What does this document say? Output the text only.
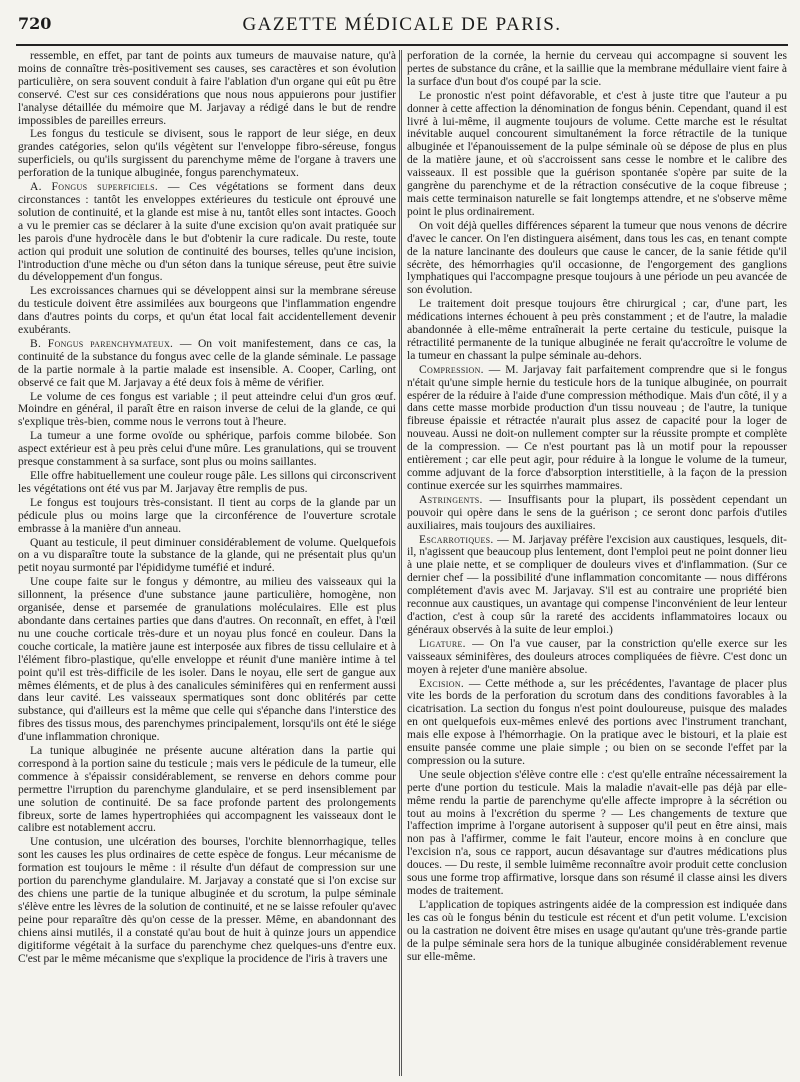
720	GAZETTE MÉDICALE DE PARIS.

ressemble, en effet, par tant de points aux tumeurs de mauvaise nature, qu'à moins de connaître très-positivement ses causes, ses caractères et son évolution particulière, on sera souvent conduit à faire l'ablation d'un organe qui eût pu être conservé. C'est sur ces considérations que nous nous appuierons pour justifier l'analyse détaillée du mémoire que M. Jarjavay a rédigé dans le but de rendre impossibles de pareilles erreurs.

Les fongus du testicule se divisent, sous le rapport de leur siége, en deux grandes catégories, selon qu'ils végètent sur l'enveloppe fibro-séreuse, fongus superficiels, ou qu'ils surgissent du parenchyme même de l'organe à travers une perforation de la tunique albuginée, fongus parenchymateux.

A. Fongus superficiels. — Ces végétations se forment dans deux circonstances : tantôt les enveloppes extérieures du testicule ont éprouvé une solution de continuité, et la glande est mise à nu, tantôt elles sont intactes. Gooch a vu le premier cas se déclarer à la suite d'une excision qu'on avait pratiquée sur les parois d'une hydrocèle dans le but d'obtenir la cure radicale. Du reste, toute action qui produit une solution de continuité des bourses, telles qu'une incision, l'introduction d'une mèche ou d'un séton dans la tunique séreuse, peut être suivie du développement d'un fongus.

Les excroissances charnues qui se développent ainsi sur la membrane séreuse du testicule doivent être assimilées aux bourgeons que l'inflammation engendre dans d'autres points du corps, et qu'un état local fait accidentellement devenir exubérants.

B. Fongus parenchymateux. — On voit manifestement, dans ce cas, la continuité de la substance du fongus avec celle de la glande séminale. Le passage de la partie normale à la partie malade est insensible. A. Cooper, Carling, ont observé ce fait que M. Jarjavay a été deux fois à même de vérifier.

Le volume de ces fongus est variable ; il peut atteindre celui d'un gros œuf. Moindre en général, il paraît être en raison inverse de celui de la glande, ce qui s'explique très-bien, comme nous le verrons tout à l'heure.

La tumeur a une forme ovoïde ou sphérique, parfois comme bilobée. Son aspect extérieur est à peu près celui d'une mûre. Les granulations, qui se trouvent presque constamment à sa surface, sont plus ou moins saillantes.

Elle offre habituellement une couleur rouge pâle. Les sillons qui circonscrivent les végétations ont été vus par M. Jarjavay être remplis de pus.

Le fongus est toujours très-consistant. Il tient au corps de la glande par un pédicule plus ou moins large que la circonférence de l'ouverture scrotale embrasse à la manière d'un anneau.

Quant au testicule, il peut diminuer considérablement de volume. Quelquefois on a vu disparaître toute la substance de la glande, qui ne présentait plus qu'un petit noyau surmonté par l'épididyme tuméfié et induré.

Une coupe faite sur le fongus y démontre, au milieu des vaisseaux qui la sillonnent, la présence d'une substance jaune particulière, homogène, non organisée, dense et parsemée de granulations moléculaires. Elle est plus abondante dans certaines parties que dans d'autres. On reconnaît, en effet, à l'œil nu une couche corticale très-dure et un noyau plus foncé en couleur. Dans la couche corticale, la matière jaune est interposée aux fibres de tissu cellulaire et à l'élément fibro-plastique, qu'elle enveloppe et réunit d'une manière intime à tel point qu'il est très-difficile de les isoler. Dans le noyau, elle sert de gangue aux mêmes éléments, et de plus à des canalicules séminifères qui en renferment aussi dans leur cavité. Les vaisseaux spermatiques sont donc oblitérés par cette substance, qui d'ailleurs est la même que celle qui s'épanche dans l'interstice des fibres des tissus mous, des parenchymes principalement, lorsqu'ils ont été le siége d'une inflammation chronique.

La tunique albuginée ne présente aucune altération dans la partie qui correspond à la portion saine du testicule ; mais vers le pédicule de la tumeur, elle commence à s'épaissir considérablement, se renverse en dehors comme pour permettre l'irruption du parenchyme glandulaire, et se perd insensiblement par une solution de continuité. De sa face profonde partent des prolongements fibreux, sorte de lames hypertrophiées qui accompagnent les vaisseaux dont le calibre est notablement accru.

Une contusion, une ulcération des bourses, l'orchite blennorrhagique, telles sont les causes les plus ordinaires de cette espèce de fongus. Leur mécanisme de formation est toujours le même : il résulte d'un défaut de compression sur une portion du parenchyme glandulaire. M. Jarjavay a constaté que si l'on excise sur des chiens une partie de la tunique albuginée et du scrotum, la pulpe séminale s'élève entre les lèvres de la solution de continuité, et ne se laisse refouler qu'avec peine pour reparaître dès qu'on cesse de la presser. Même, en abandonnant des chiens ainsi mutilés, il a constaté qu'au bout de huit à quinze jours un appendice digitiforme végétait à la surface du parenchyme chez quelques-uns d'entre eux. C'est par le même mécanisme que s'explique la procidence de l'iris à travers une

perforation de la cornée, la hernie du cerveau qui accompagne si souvent les pertes de substance du crâne, et la saillie que la membrane médullaire vient faire à la surface d'un bout d'os coupé par la scie.

Le pronostic n'est point défavorable, et c'est à juste titre que l'auteur a pu donner à cette affection la dénomination de fongus bénin. Cependant, quand il est livré à lui-même, il augmente toujours de volume. Cette marche est le résultat inévitable auquel concourent simultanément la force rétractile de la tunique albuginée et l'épanouissement de la pulpe séminale où se dépose de plus en plus de la matière jaune, et où s'accroissent sans cesse le nombre et le calibre des vaisseaux. Il est possible que la guérison spontanée s'opère par suite de la gangrène du parenchyme et de la rétraction consécutive de la coque fibreuse ; mais cette terminaison naturelle se fait longtemps attendre, et ne s'observe même point le plus ordinairement.

On voit déjà quelles différences séparent la tumeur que nous venons de décrire d'avec le cancer. On l'en distinguera aisément, dans tous les cas, en tenant compte de la nature lancinante des douleurs que cause le cancer, de la sanie fétide qu'il sécrète, des hémorrhagies qu'il occasionne, de l'engorgement des ganglions lymphatiques qui l'accompagne presque toujours à une période un peu avancée de son évolution.

Le traitement doit presque toujours être chirurgical ; car, d'une part, les médications internes échouent à peu près constamment ; et de l'autre, la maladie abandonnée à elle-même entraînerait la perte certaine du testicule, puisque la rétractilité permanente de la tunique albuginée ne ferait qu'accroître le volume de la tumeur en chassant la pulpe séminale au-dehors.

Compression. — M. Jarjavay fait parfaitement comprendre que si le fongus n'était qu'une simple hernie du testicule hors de la tunique albuginée, on pourrait espérer de la réduire à l'aide d'une compression méthodique. Mais d'un côté, il y a dans cette masse morbide production d'un tissu nouveau ; de l'autre, la tunique fibreuse épaissie et rétractée n'aurait plus assez de capacité pour la loger de nouveau. Aussi ne doit-on nullement compter sur la réussite prompte et complète de la compression. — Ce n'est pourtant pas là un motif pour la repousser entièrement ; car elle peut agir, pour réduire à la longue le volume de la tumeur, comme adjuvant de la force d'absorption interstitielle, à la façon de la pression continue exercée sur les squirrhes mammaires.

Astringents. — Insuffisants pour la plupart, ils possèdent cependant un pouvoir qui opère dans le sens de la guérison ; ce seront donc parfois d'utiles auxiliaires, mais toujours des auxiliaires.

Escarrotiques. — M. Jarjavay préfère l'excision aux caustiques, lesquels, dit-il, n'agissent que beaucoup plus lentement, dont l'emploi peut ne point donner lieu à une plaie nette, et se compliquer de douleurs vives et d'inflammation. (Sur ce dernier chef — la possibilité d'une inflammation concomitante — nous différons complétement d'avis avec M. Jarjavay. S'il est au contraire une propriété bien reconnue aux caustiques, un avantage qui compense l'inconvénient de leur lenteur d'action, c'est à coup sûr la rareté des accidents inflammatoires locaux ou généraux observés à la suite de leur emploi.)

Ligature. — On l'a vue causer, par la constriction qu'elle exerce sur les vaisseaux séminifères, des douleurs atroces compliquées de fièvre. C'est donc un moyen à rejeter d'une manière absolue.

Excision. — Cette méthode a, sur les précédentes, l'avantage de placer plus vite les bords de la perforation du scrotum dans des conditions favorables à la cicatrisation. La section du fongus n'est point douloureuse, puisque des malades en ont quelquefois eux-mêmes enlevé des portions avec l'instrument tranchant, mais elle expose à l'hémorrhagie. On la pratique avec le bistouri, et la plaie est ensuite pansée comme une plaie simple ; ou bien on se seconde l'effet par la compression ou la suture.

Une seule objection s'élève contre elle : c'est qu'elle entraîne nécessairement la perte d'une portion du testicule. Mais la maladie n'avait-elle pas déjà par elle-même rendu la partie de parenchyme qu'elle affecte impropre à la sécrétion ou tout au moins à l'excrétion du sperme ? — Les changements de texture que l'affection imprime à l'organe autorisent à supposer qu'il peut en être ainsi, mais non pas à l'affirmer, comme le fait l'auteur, encore moins à en conclure que l'excision n'a, sous ce rapport, aucun désavantage sur d'autres médications plus douces. — Du reste, il semble luimême reconnaître avoir produit cette conclusion sous une forme trop affirmative, lorsque dans son résumé il classe ainsi les divers modes de traitement.

L'application de topiques astringents aidée de la compression est indiquée dans les cas où le fongus bénin du testicule est récent et d'un petit volume. L'excision ou la castration ne doivent être mises en usage qu'autant qu'une très-grande partie de la pulpe séminale sera hors de la tunique albuginée considérablement revenue sur elle-même.
